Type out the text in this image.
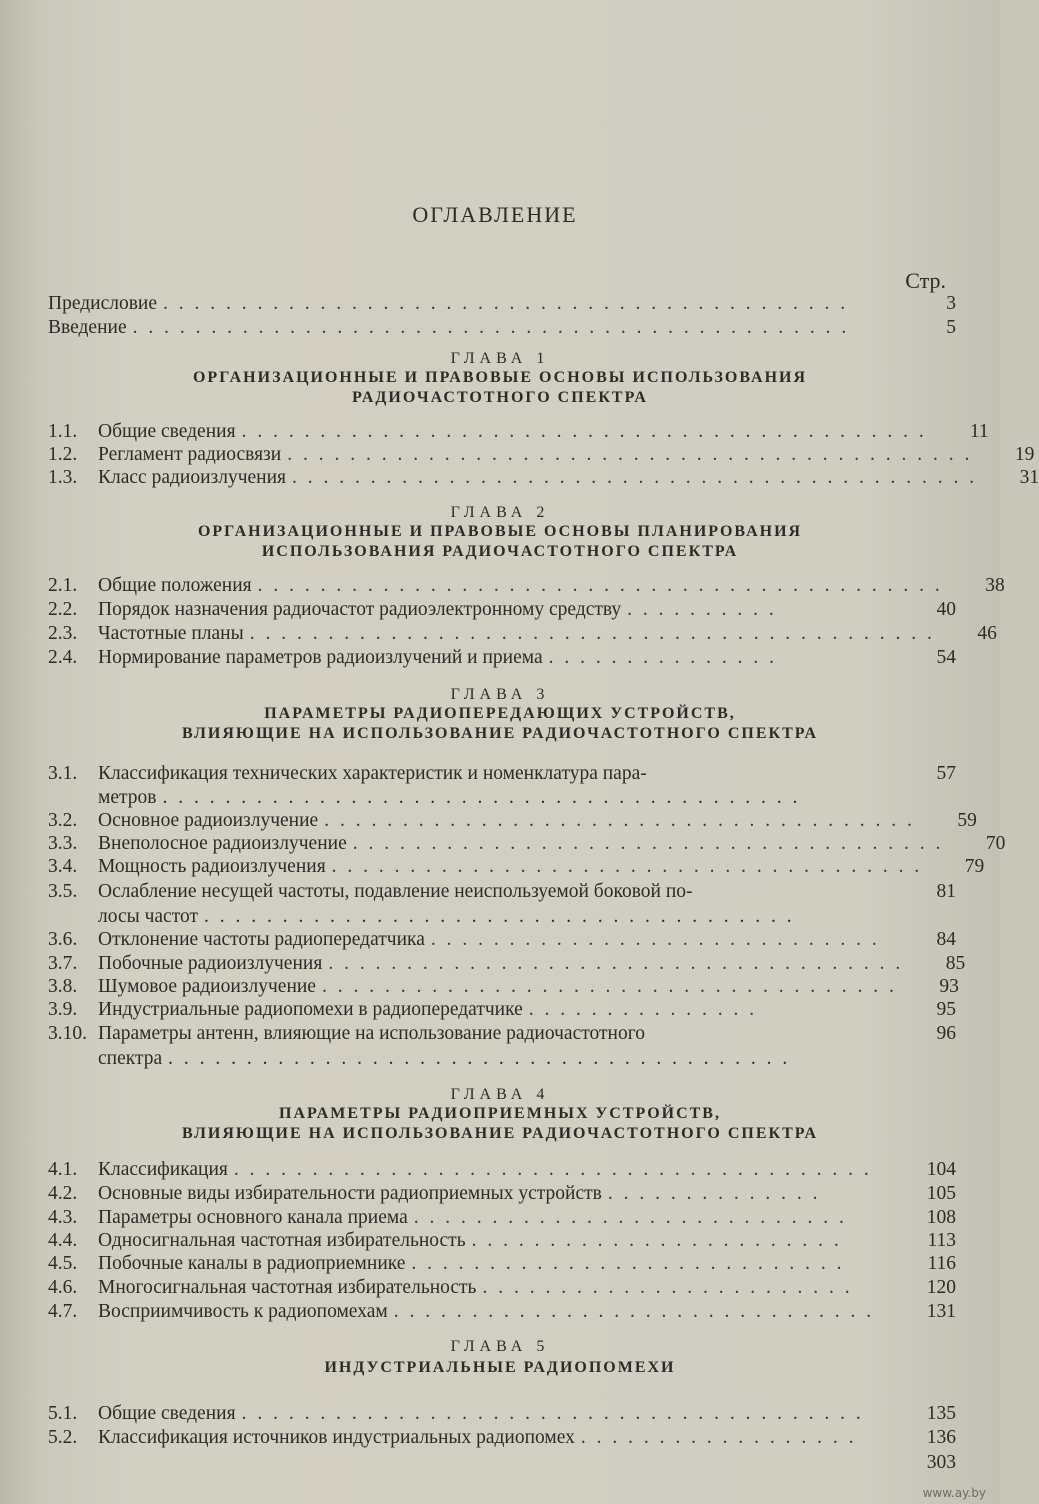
ОГЛАВЛЕНИЕ
Стр.
Предисловие . . . . . . . . . . . . . . . . . . . . . . . . . . . . . . . . . . . . . . . . . . . .	3
Введение . . . . . . . . . . . . . . . . . . . . . . . . . . . . . . . . . . . . . . . . . . . . . .	5
ГЛАВА 1
ОРГАНИЗАЦИОННЫЕ И ПРАВОВЫЕ ОСНОВЫ ИСПОЛЬЗОВАНИЯ
РАДИОЧАСТОТНОГО СПЕКТРА
1.1.	Общие сведения . . . . . . . . . . . . . . . . . . . . . . . . . . . . . . . . . . . . . . . . . . . .	11
1.2.	Регламент радиосвязи . . . . . . . . . . . . . . . . . . . . . . . . . . . . . . . . . . . . . . . . . . . .	19
1.3.	Класс радиоизлучения . . . . . . . . . . . . . . . . . . . . . . . . . . . . . . . . . . . . . . . . . . . .	31
ГЛАВА 2
ОРГАНИЗАЦИОННЫЕ И ПРАВОВЫЕ ОСНОВЫ ПЛАНИРОВАНИЯ
ИСПОЛЬЗОВАНИЯ РАДИОЧАСТОТНОГО СПЕКТРА
2.1.	Общие положения . . . . . . . . . . . . . . . . . . . . . . . . . . . . . . . . . . . . . . . . . . . .	38
2.2.	Порядок назначения радиочастот радиоэлектронному средству . . . . . . . . . .	40
2.3.	Частотные планы . . . . . . . . . . . . . . . . . . . . . . . . . . . . . . . . . . . . . . . . . . . .	46
2.4.	Нормирование параметров радиоизлучений и приема . . . . . . . . . . . . . . .	54
ГЛАВА 3
ПАРАМЕТРЫ РАДИОПЕРЕДАЮЩИХ УСТРОЙСТВ,
ВЛИЯЮЩИЕ НА ИСПОЛЬЗОВАНИЕ РАДИОЧАСТОТНОГО СПЕКТРА
3.1.	Классификация технических характеристик и номенклатура пара-	57
метров . . . . . . . . . . . . . . . . . . . . . . . . . . . . . . . . . . . . . . . . .
3.2.	Основное радиоизлучение . . . . . . . . . . . . . . . . . . . . . . . . . . . . . . . . . . . . . .	59
3.3.	Внеполосное радиоизлучение . . . . . . . . . . . . . . . . . . . . . . . . . . . . . . . . . . . . . .	70
3.4.	Мощность радиоизлучения . . . . . . . . . . . . . . . . . . . . . . . . . . . . . . . . . . . . . .	79
3.5.	Ослабление несущей частоты, подавление неиспользуемой боковой по-	81
лосы частот . . . . . . . . . . . . . . . . . . . . . . . . . . . . . . . . . . . . . .
3.6.	Отклонение частоты радиопередатчика . . . . . . . . . . . . . . . . . . . . . . . . . . . . .	84
3.7.	Побочные радиоизлучения . . . . . . . . . . . . . . . . . . . . . . . . . . . . . . . . . . . . .	85
3.8.	Шумовое радиоизлучение . . . . . . . . . . . . . . . . . . . . . . . . . . . . . . . . . . . . .	93
3.9.	Индустриальные радиопомехи в радиопередатчике . . . . . . . . . . . . . . .	95
3.10. Параметры антенн, влияющие на использование радиочастотного	96
спектра . . . . . . . . . . . . . . . . . . . . . . . . . . . . . . . . . . . . . . . .
ГЛАВА 4
ПАРАМЕТРЫ РАДИОПРИЕМНЫХ УСТРОЙСТВ,
ВЛИЯЮЩИЕ НА ИСПОЛЬЗОВАНИЕ РАДИОЧАСТОТНОГО СПЕКТРА
4.1.	Классификация . . . . . . . . . . . . . . . . . . . . . . . . . . . . . . . . . . . . . . . . .	104
4.2.	Основные виды избирательности радиоприемных устройств . . . . . . . . . . . . . .	105
4.3.	Параметры основного канала приема . . . . . . . . . . . . . . . . . . . . . . . . . . . .	108
4.4.	Односигнальная частотная избирательность . . . . . . . . . . . . . . . . . . . . . . . .	113
4.5.	Побочные каналы в радиоприемнике . . . . . . . . . . . . . . . . . . . . . . . . . . . .	116
4.6.	Многосигнальная частотная избирательность . . . . . . . . . . . . . . . . . . . . . . . .	120
4.7.	Восприимчивость к радиопомехам . . . . . . . . . . . . . . . . . . . . . . . . . . . . . . .	131
ГЛАВА 5
ИНДУСТРИАЛЬНЫЕ РАДИОПОМЕХИ
5.1.	Общие сведения . . . . . . . . . . . . . . . . . . . . . . . . . . . . . . . . . . . . . . . .	135
5.2.	Классификация источников индустриальных радиопомех . . . . . . . . . . . . . . . . . .	136
303
www.ay.by
